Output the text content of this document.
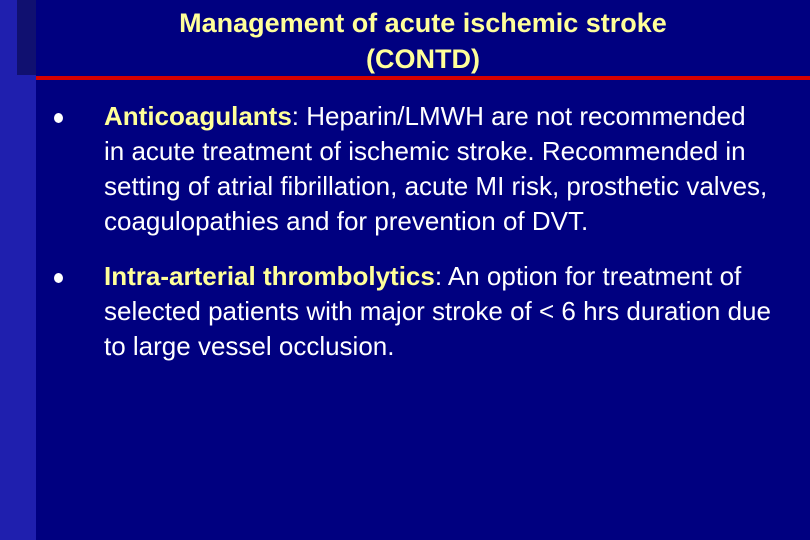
Management of acute ischemic stroke
(CONTD)
Anticoagulants: Heparin/LMWH are not recommended in acute treatment of ischemic stroke. Recommended in setting of atrial fibrillation, acute MI risk, prosthetic valves, coagulopathies and for prevention of DVT.
Intra-arterial thrombolytics: An option for treatment of selected patients with major stroke of < 6 hrs duration due to large vessel occlusion.
